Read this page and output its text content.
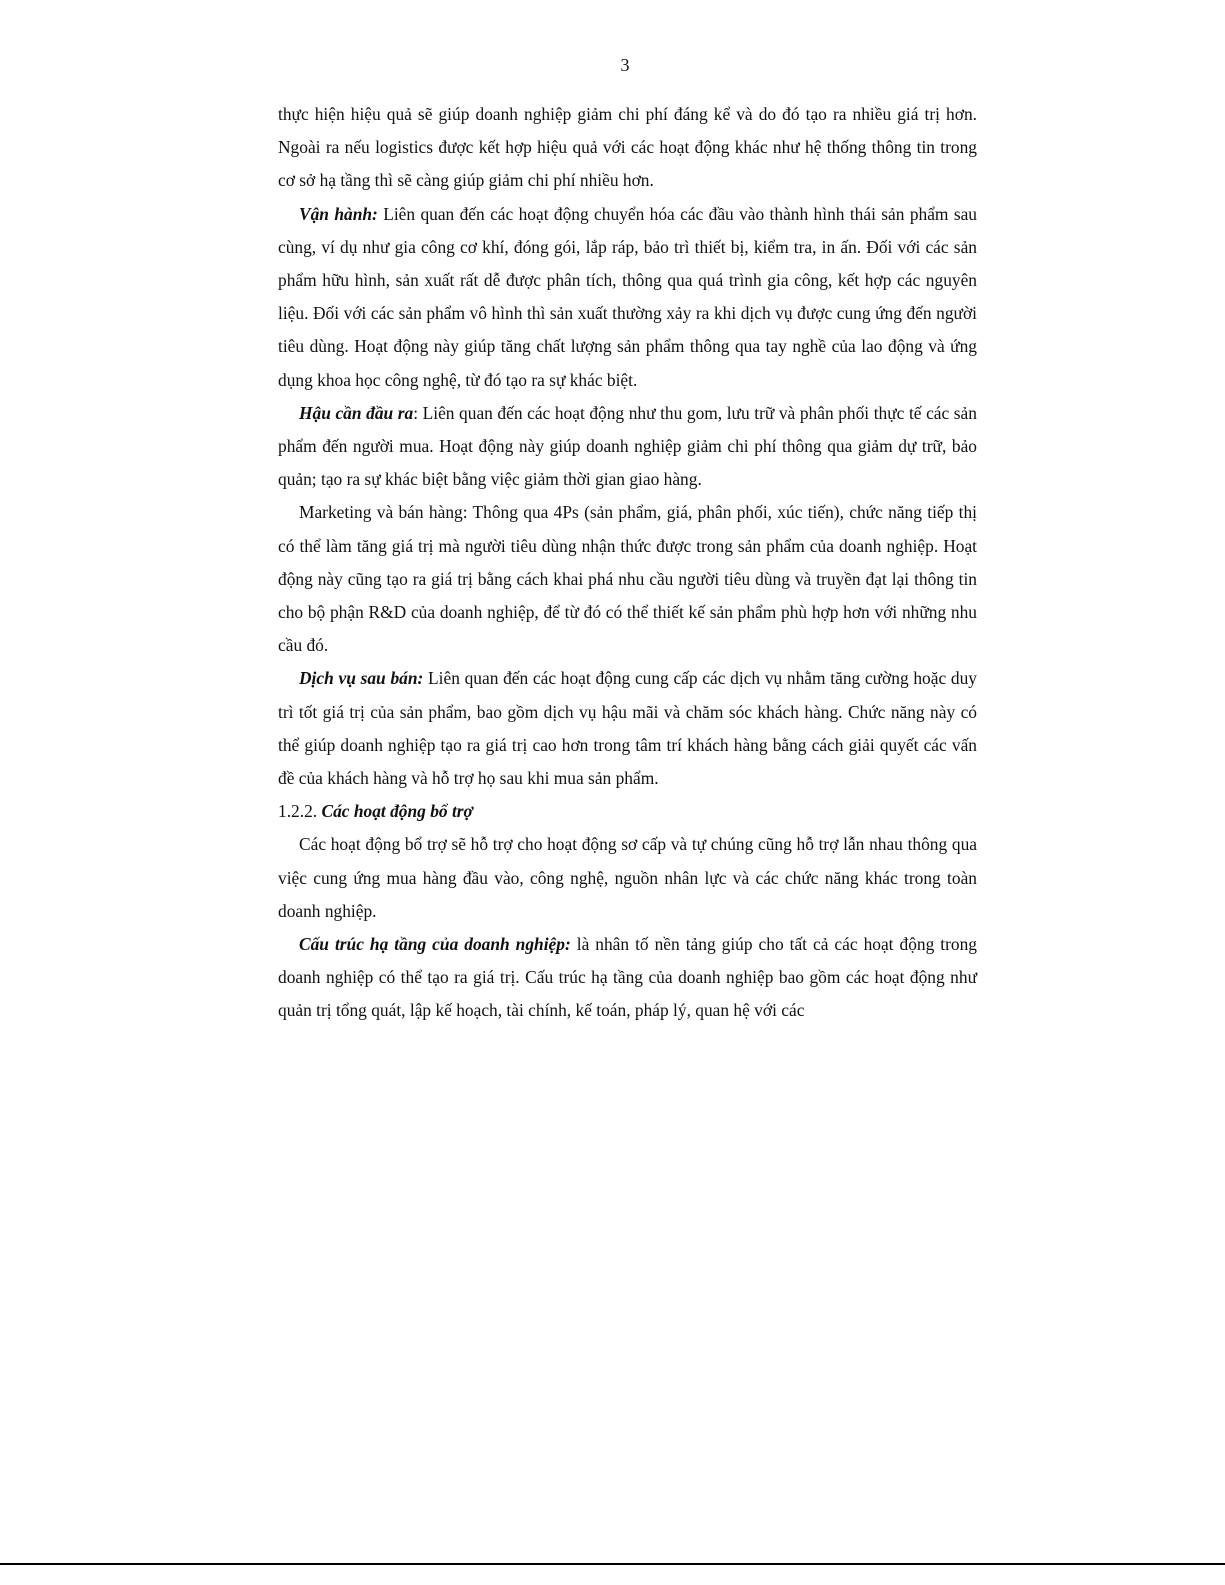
3

thực hiện hiệu quả sẽ giúp doanh nghiệp giảm chi phí đáng kể và do đó tạo ra nhiều giá trị hơn. Ngoài ra nếu logistics được kết hợp hiệu quả với các hoạt động khác như hệ thống thông tin trong cơ sở hạ tầng thì sẽ càng giúp giảm chi phí nhiều hơn.

Vận hành: Liên quan đến các hoạt động chuyển hóa các đầu vào thành hình thái sản phẩm sau cùng, ví dụ như gia công cơ khí, đóng gói, lắp ráp, bảo trì thiết bị, kiểm tra, in ấn. Đối với các sản phẩm hữu hình, sản xuất rất dễ được phân tích, thông qua quá trình gia công, kết hợp các nguyên liệu. Đối với các sản phẩm vô hình thì sản xuất thường xảy ra khi dịch vụ được cung ứng đến người tiêu dùng. Hoạt động này giúp tăng chất lượng sản phẩm thông qua tay nghề của lao động và ứng dụng khoa học công nghệ, từ đó tạo ra sự khác biệt.

Hậu cần đầu ra: Liên quan đến các hoạt động như thu gom, lưu trữ và phân phối thực tế các sản phẩm đến người mua. Hoạt động này giúp doanh nghiệp giảm chi phí thông qua giảm dự trữ, bảo quản; tạo ra sự khác biệt bằng việc giảm thời gian giao hàng.

Marketing và bán hàng: Thông qua 4Ps (sản phẩm, giá, phân phối, xúc tiến), chức năng tiếp thị có thể làm tăng giá trị mà người tiêu dùng nhận thức được trong sản phẩm của doanh nghiệp. Hoạt động này cũng tạo ra giá trị bằng cách khai phá nhu cầu người tiêu dùng và truyền đạt lại thông tin cho bộ phận R&D của doanh nghiệp, để từ đó có thể thiết kế sản phẩm phù hợp hơn với những nhu cầu đó.

Dịch vụ sau bán: Liên quan đến các hoạt động cung cấp các dịch vụ nhằm tăng cường hoặc duy trì tốt giá trị của sản phẩm, bao gồm dịch vụ hậu mãi và chăm sóc khách hàng. Chức năng này có thể giúp doanh nghiệp tạo ra giá trị cao hơn trong tâm trí khách hàng bằng cách giải quyết các vấn đề của khách hàng và hỗ trợ họ sau khi mua sản phẩm.

1.2.2. Các hoạt động bổ trợ

Các hoạt động bổ trợ sẽ hỗ trợ cho hoạt động sơ cấp và tự chúng cũng hỗ trợ lẫn nhau thông qua việc cung ứng mua hàng đầu vào, công nghệ, nguồn nhân lực và các chức năng khác trong toàn doanh nghiệp.

Cấu trúc hạ tầng của doanh nghiệp: là nhân tố nền tảng giúp cho tất cả các hoạt động trong doanh nghiệp có thể tạo ra giá trị. Cấu trúc hạ tầng của doanh nghiệp bao gồm các hoạt động như quản trị tổng quát, lập kế hoạch, tài chính, kế toán, pháp lý, quan hệ với các
